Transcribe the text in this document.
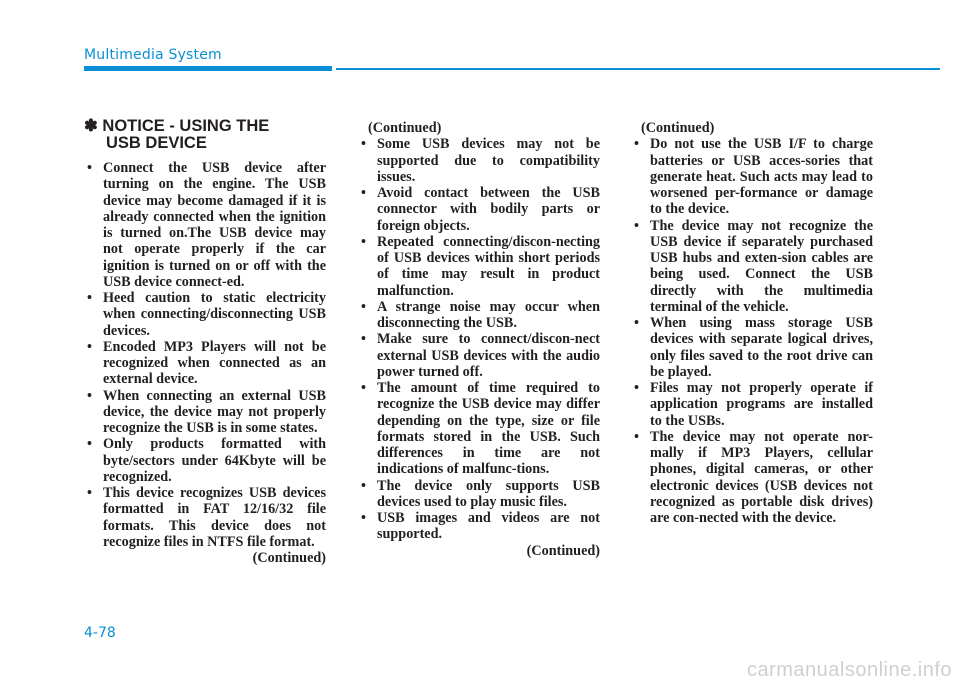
Multimedia System
✽ NOTICE - USING THE
USB DEVICE
• Connect the USB device after turning on the engine. The USB device may become damaged if it is already connected when the ignition is turned on.The USB device may not operate properly if the car ignition is turned on or off with the USB device connect-ed.
• Heed caution to static electricity when connecting/disconnecting USB devices.
• Encoded MP3 Players will not be recognized when connected as an external device.
• When connecting an external USB device, the device may not properly recognize the USB is in some states.
• Only products formatted with byte/sectors under 64Kbyte will be recognized.
• This device recognizes USB devices formatted in FAT 12/16/32 file formats. This device does not recognize files in NTFS file format.
(Continued)
(Continued)
• Some USB devices may not be supported due to compatibility issues.
• Avoid contact between the USB connector with bodily parts or foreign objects.
• Repeated connecting/discon-necting of USB devices within short periods of time may result in product malfunction.
• A strange noise may occur when disconnecting the USB.
• Make sure to connect/discon-nect external USB devices with the audio power turned off.
• The amount of time required to recognize the USB device may differ depending on the type, size or file formats stored in the USB. Such differences in time are not indications of malfunc-tions.
• The device only supports USB devices used to play music files.
• USB images and videos are not supported.
(Continued)
(Continued)
• Do not use the USB I/F to charge batteries or USB acces-sories that generate heat. Such acts may lead to worsened per-formance or damage to the device.
• The device may not recognize the USB device if separately purchased USB hubs and exten-sion cables are being used. Connect the USB directly with the multimedia terminal of the vehicle.
• When using mass storage USB devices with separate logical drives, only files saved to the root drive can be played.
• Files may not properly operate if application programs are installed to the USBs.
• The device may not operate nor-mally if MP3 Players, cellular phones, digital cameras, or other electronic devices (USB devices not recognized as portable disk drives) are con-nected with the device.
4-78
carmanualsonline.info
